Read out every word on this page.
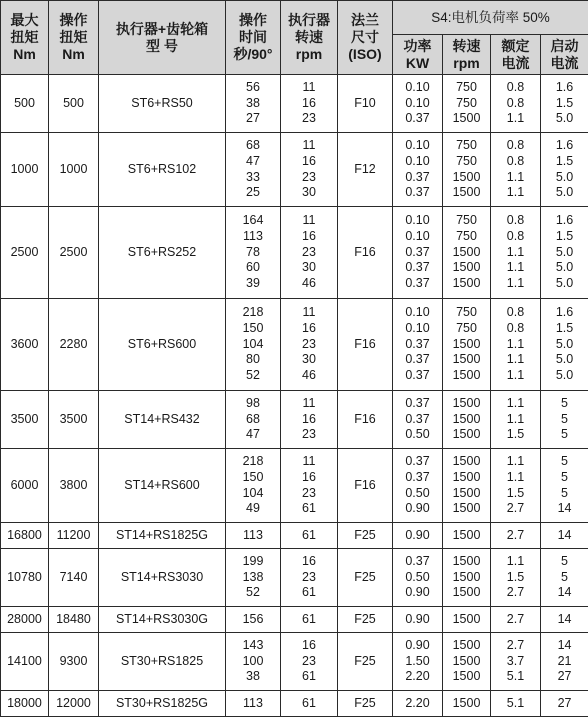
最大
扭矩
Nm	操作
扭矩
Nm	执行器+齿轮箱
型 号	操作
时间
秒/90°	执行器
转速
rpm	法兰
尺寸
(ISO)	S4:电机负荷率 50%			
						功率
KW	转速
rpm	额定
电流	启动
电流
500	500	ST6+RS50	56
38
27	11
16
23	F10	0.10
0.10
0.37	750
750
1500	0.8
0.8
1.1	1.6
1.5
5.0
1000	1000	ST6+RS102	68
47
33
25	11
16
23
30	F12	0.10
0.10
0.37
0.37	750
750
1500
1500	0.8
0.8
1.1
1.1	1.6
1.5
5.0
5.0
2500	2500	ST6+RS252	164
113
78
60
39	11
16
23
30
46	F16	0.10
0.10
0.37
0.37
0.37	750
750
1500
1500
1500	0.8
0.8
1.1
1.1
1.1	1.6
1.5
5.0
5.0
5.0
3600	2280	ST6+RS600	218
150
104
80
52	11
16
23
30
46	F16	0.10
0.10
0.37
0.37
0.37	750
750
1500
1500
1500	0.8
0.8
1.1
1.1
1.1	1.6
1.5
5.0
5.0
5.0
3500	3500	ST14+RS432	98
68
47	11
16
23	F16	0.37
0.37
0.50	1500
1500
1500	1.1
1.1
1.5	5
5
5
6000	3800	ST14+RS600	218
150
104
49	11
16
23
61	F16	0.37
0.37
0.50
0.90	1500
1500
1500
1500	1.1
1.1
1.5
2.7	5
5
5
14
16800	11200	ST14+RS1825G	113	61	F25	0.90	1500	2.7	14
10780	7140	ST14+RS3030	199
138
52	16
23
61	F25	0.37
0.50
0.90	1500
1500
1500	1.1
1.5
2.7	5
5
14
28000	18480	ST14+RS3030G	156	61	F25	0.90	1500	2.7	14
14100	9300	ST30+RS1825	143
100
38	16
23
61	F25	0.90
1.50
2.20	1500
1500
1500	2.7
3.7
5.1	14
21
27
18000	12000	ST30+RS1825G	113	61	F25	2.20	1500	5.1	27
